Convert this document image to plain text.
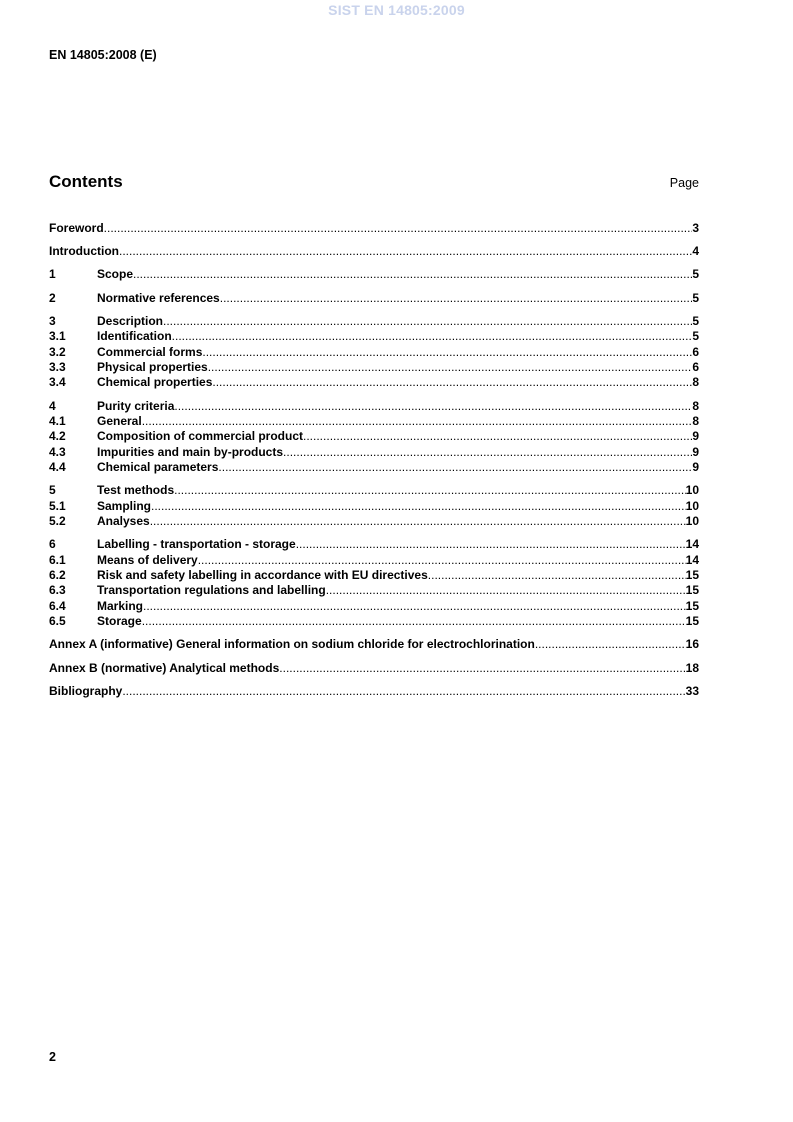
SIST EN 14805:2009
EN 14805:2008 (E)
Contents	Page
Foreword .....	3
Introduction .....	4
1	Scope .....	5
2	Normative references .....	5
3	Description .....	5
3.1	Identification .....	5
3.2	Commercial forms .....	6
3.3	Physical properties .....	6
3.4	Chemical properties .....	8
4	Purity criteria .....	8
4.1	General .....	8
4.2	Composition of commercial product .....	9
4.3	Impurities and main by-products .....	9
4.4	Chemical parameters .....	9
5	Test methods .....	10
5.1	Sampling .....	10
5.2	Analyses .....	10
6	Labelling - transportation - storage .....	14
6.1	Means of delivery .....	14
6.2	Risk and safety labelling in accordance with EU directives .....	15
6.3	Transportation regulations and labelling .....	15
6.4	Marking .....	15
6.5	Storage .....	15
Annex A (informative) General information on sodium chloride for electrochlorination .....	16
Annex B (normative) Analytical methods .....	18
Bibliography .....	33
2
